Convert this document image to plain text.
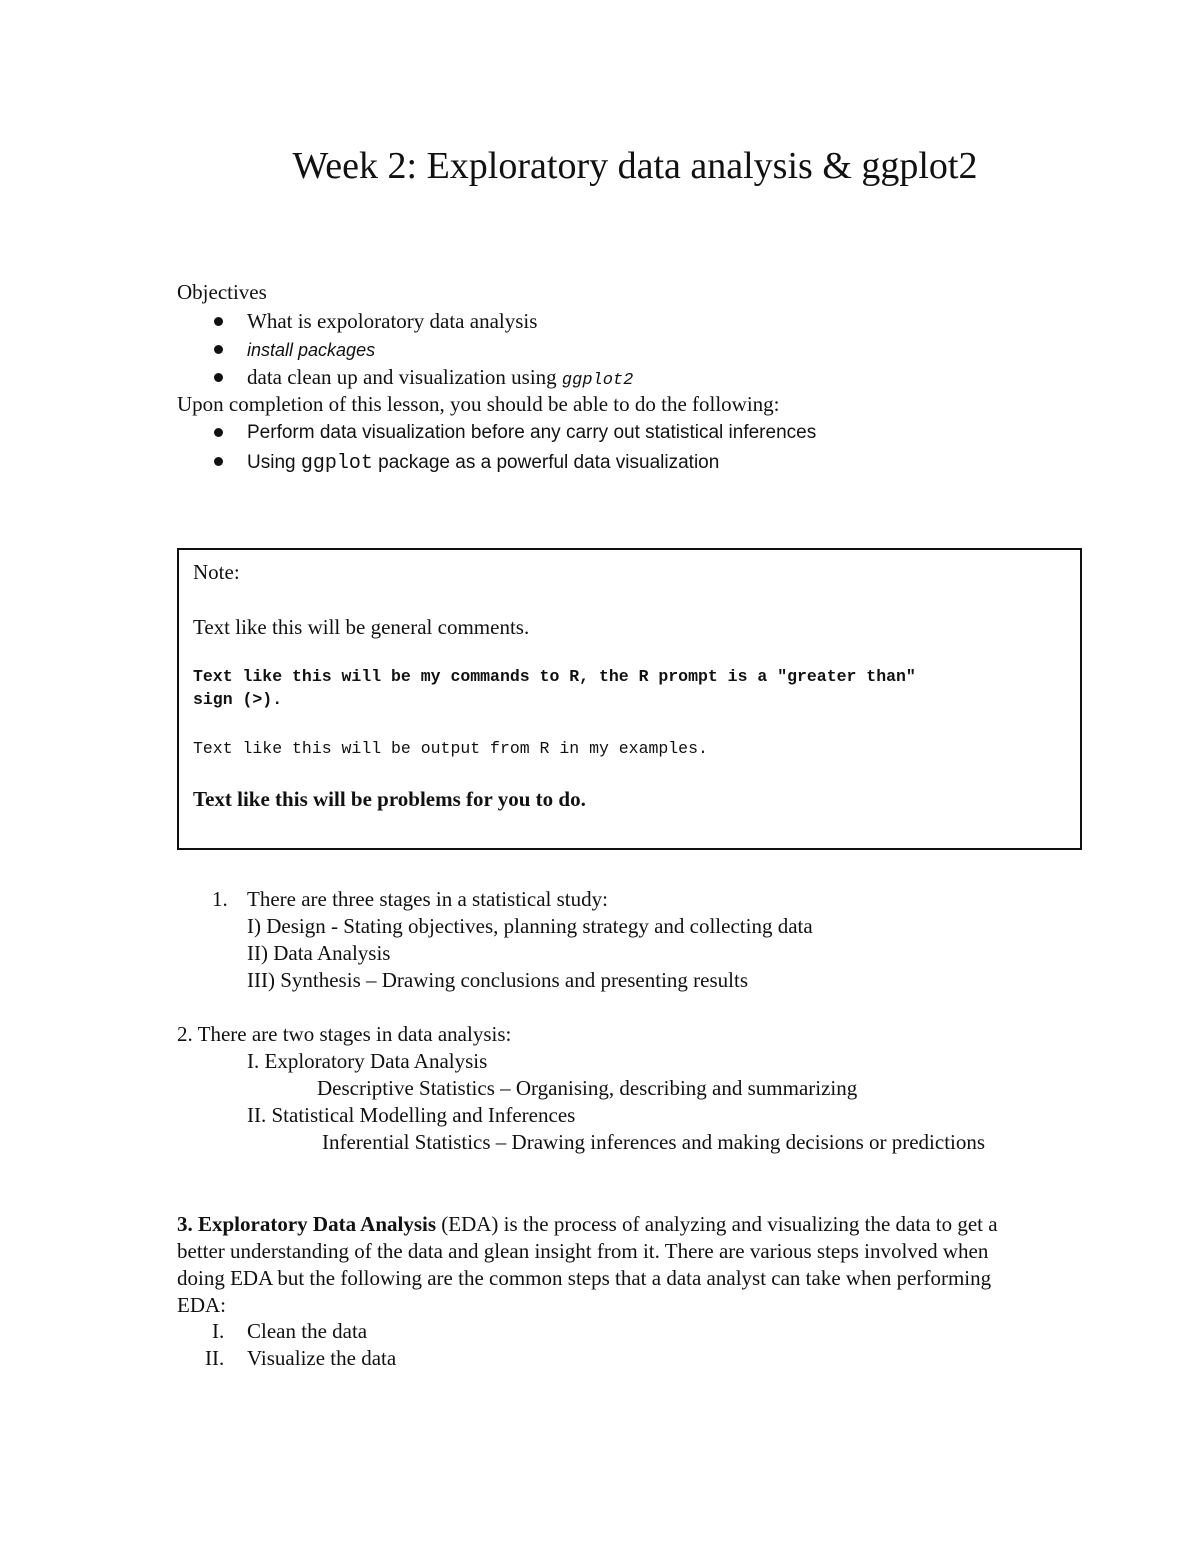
Week 2: Exploratory data analysis & ggplot2
Objectives
What is expoloratory data analysis
install packages
data clean up and visualization using ggplot2
Upon completion of this lesson, you should be able to do the following:
Perform data visualization before any carry out statistical inferences
Using ggplot package as a powerful data visualization
Note:
Text like this will be general comments.
Text like this will be my commands to R, the R prompt is a "greater than"
sign (>).
Text like this will be output from R in my examples.
Text like this will be problems for you to do.
1. There are three stages in a statistical study:
I) Design - Stating objectives, planning strategy and collecting data
II) Data Analysis
III) Synthesis – Drawing conclusions and presenting results
2. There are two stages in data analysis:
I. Exploratory Data Analysis
Descriptive Statistics – Organising, describing and summarizing
II. Statistical Modelling and Inferences
Inferential Statistics – Drawing inferences and making decisions or predictions
3. Exploratory Data Analysis (EDA) is the process of analyzing and visualizing the data to get a
better understanding of the data and glean insight from it. There are various steps involved when
doing EDA but the following are the common steps that a data analyst can take when performing
EDA:
I. Clean the data
II. Visualize the data
